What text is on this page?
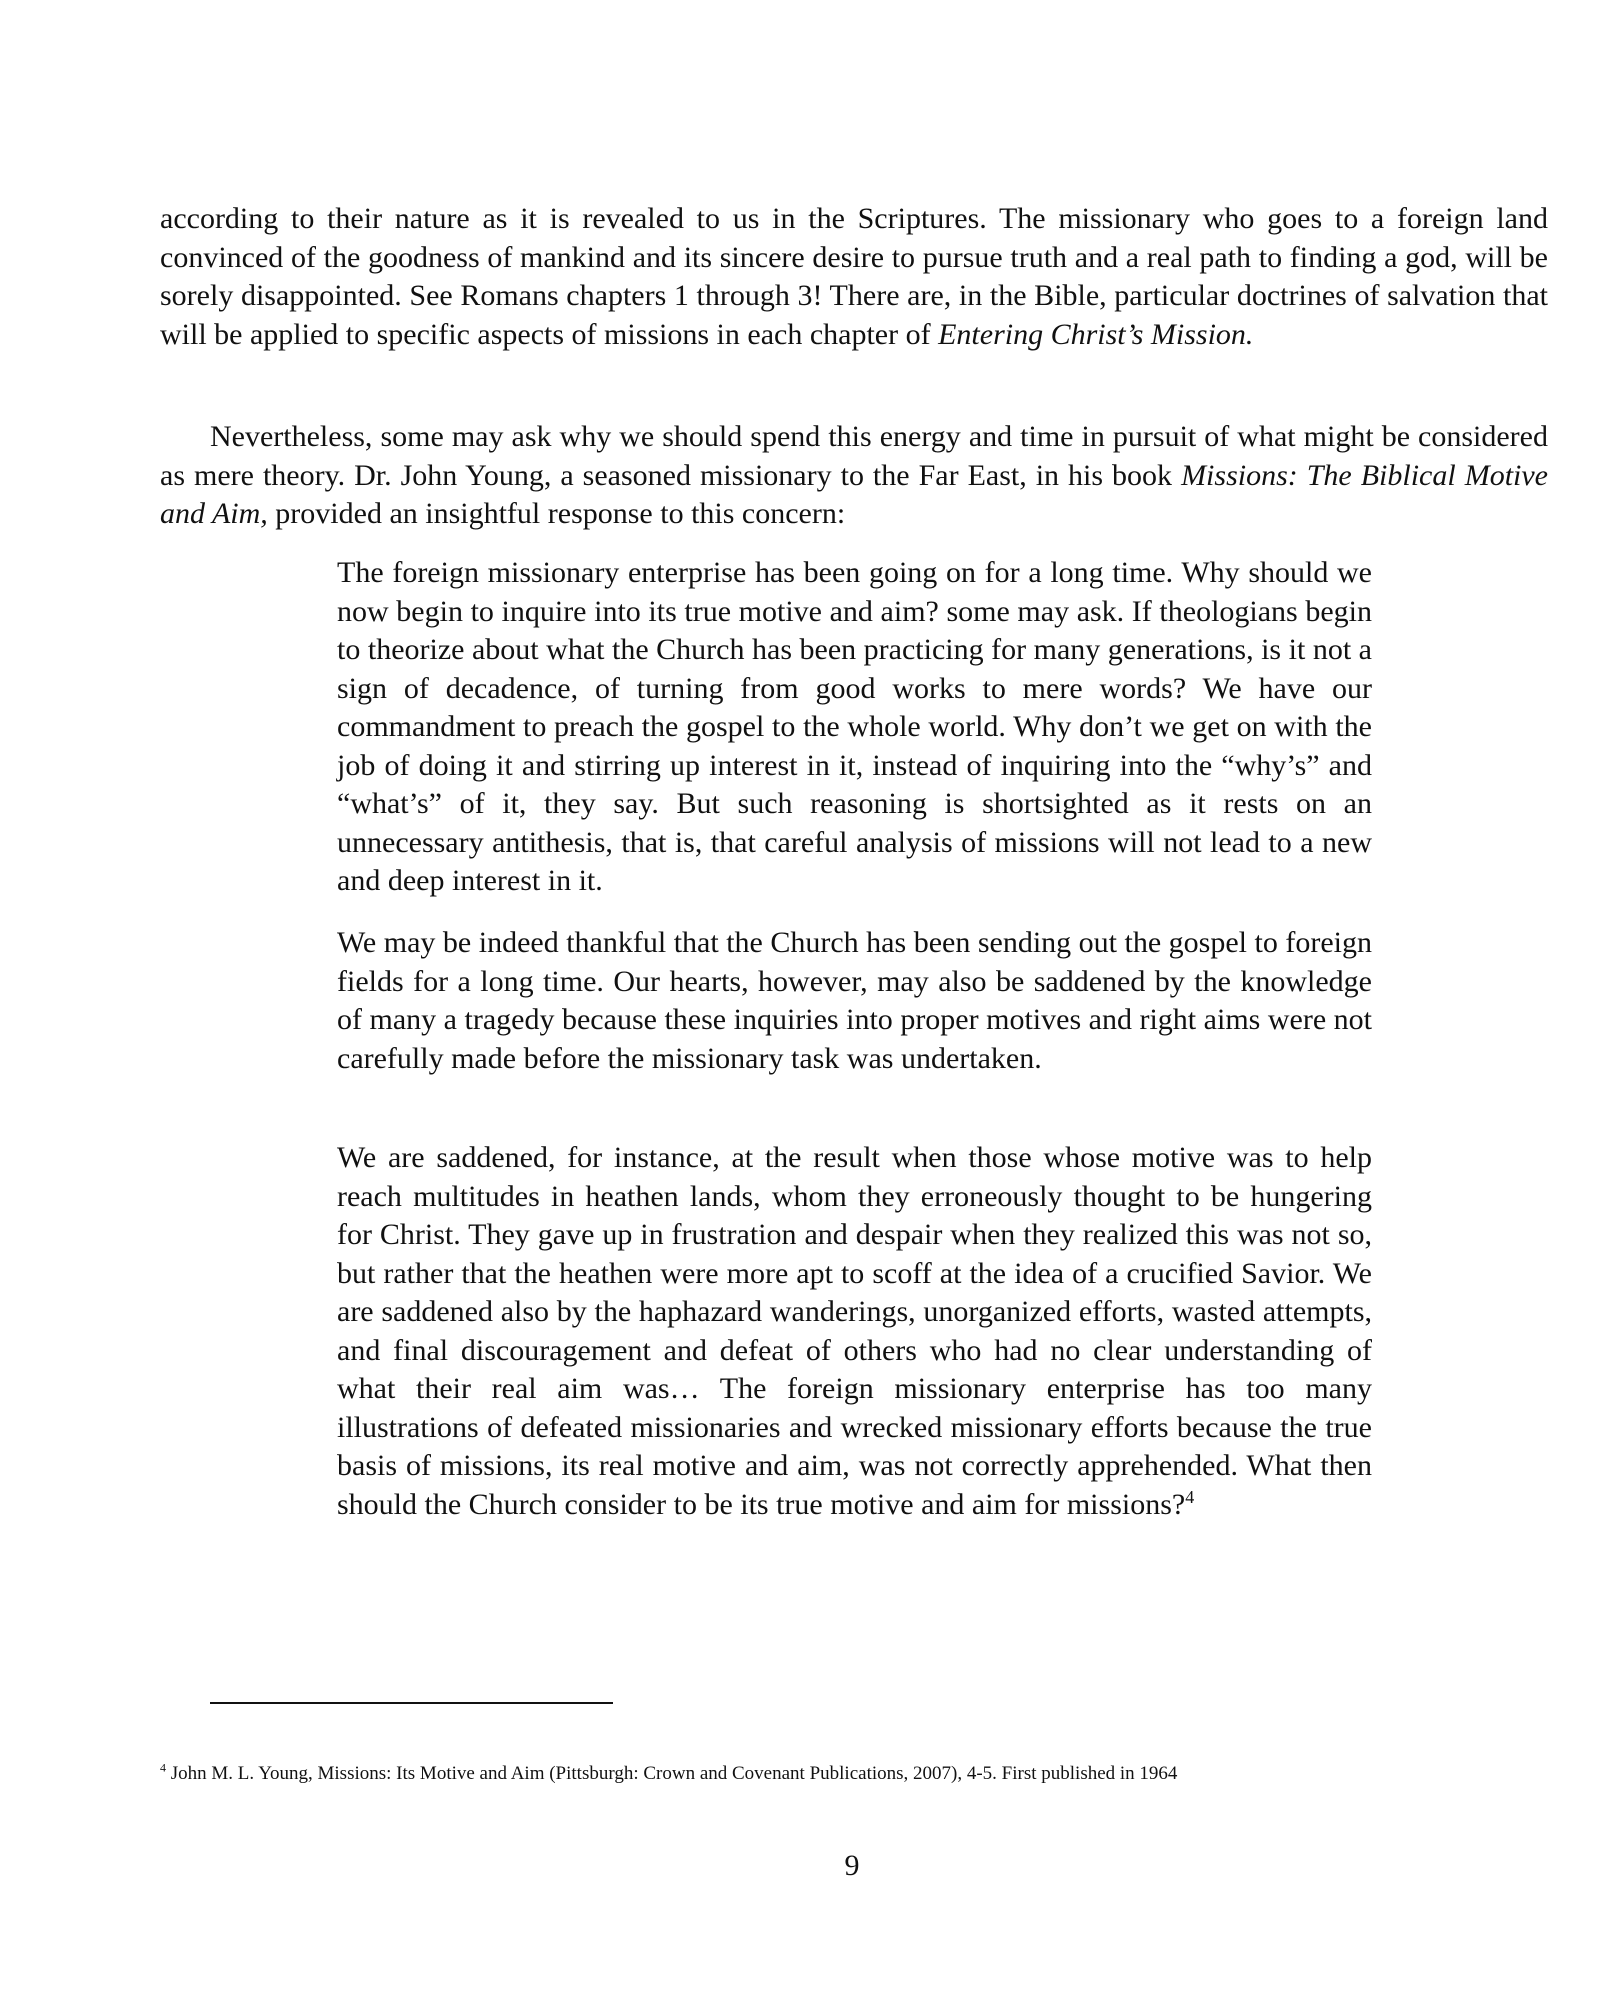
according to their nature as it is revealed to us in the Scriptures. The missionary who goes to a foreign land convinced of the goodness of mankind and its sincere desire to pursue truth and a real path to finding a god, will be sorely disappointed. See Romans chapters 1 through 3! There are, in the Bible, particular doctrines of salvation that will be applied to specific aspects of missions in each chapter of Entering Christ’s Mission.

Nevertheless, some may ask why we should spend this energy and time in pursuit of what might be considered as mere theory. Dr. John Young, a seasoned missionary to the Far East, in his book Missions: The Biblical Motive and Aim, provided an insightful response to this concern:

The foreign missionary enterprise has been going on for a long time. Why should we now begin to inquire into its true motive and aim? some may ask. If theologians begin to theorize about what the Church has been practicing for many generations, is it not a sign of decadence, of turning from good works to mere words? We have our commandment to preach the gospel to the whole world. Why don’t we get on with the job of doing it and stirring up interest in it, instead of inquiring into the “why’s” and “what’s” of it, they say. But such reasoning is shortsighted as it rests on an unnecessary antithesis, that is, that careful analysis of missions will not lead to a new and deep interest in it.

We may be indeed thankful that the Church has been sending out the gospel to foreign fields for a long time. Our hearts, however, may also be saddened by the knowledge of many a tragedy because these inquiries into proper motives and right aims were not carefully made before the missionary task was undertaken.

We are saddened, for instance, at the result when those whose motive was to help reach multitudes in heathen lands, whom they erroneously thought to be hungering for Christ. They gave up in frustration and despair when they realized this was not so, but rather that the heathen were more apt to scoff at the idea of a crucified Savior. We are saddened also by the haphazard wanderings, unorganized efforts, wasted attempts, and final discouragement and defeat of others who had no clear understanding of what their real aim was… The foreign missionary enterprise has too many illustrations of defeated missionaries and wrecked missionary efforts because the true basis of missions, its real motive and aim, was not correctly apprehended. What then should the Church consider to be its true motive and aim for missions?$^4$

$^4$ John M. L. Young, Missions: Its Motive and Aim (Pittsburgh: Crown and Covenant Publications, 2007), 4-5. First published in 1964

9
